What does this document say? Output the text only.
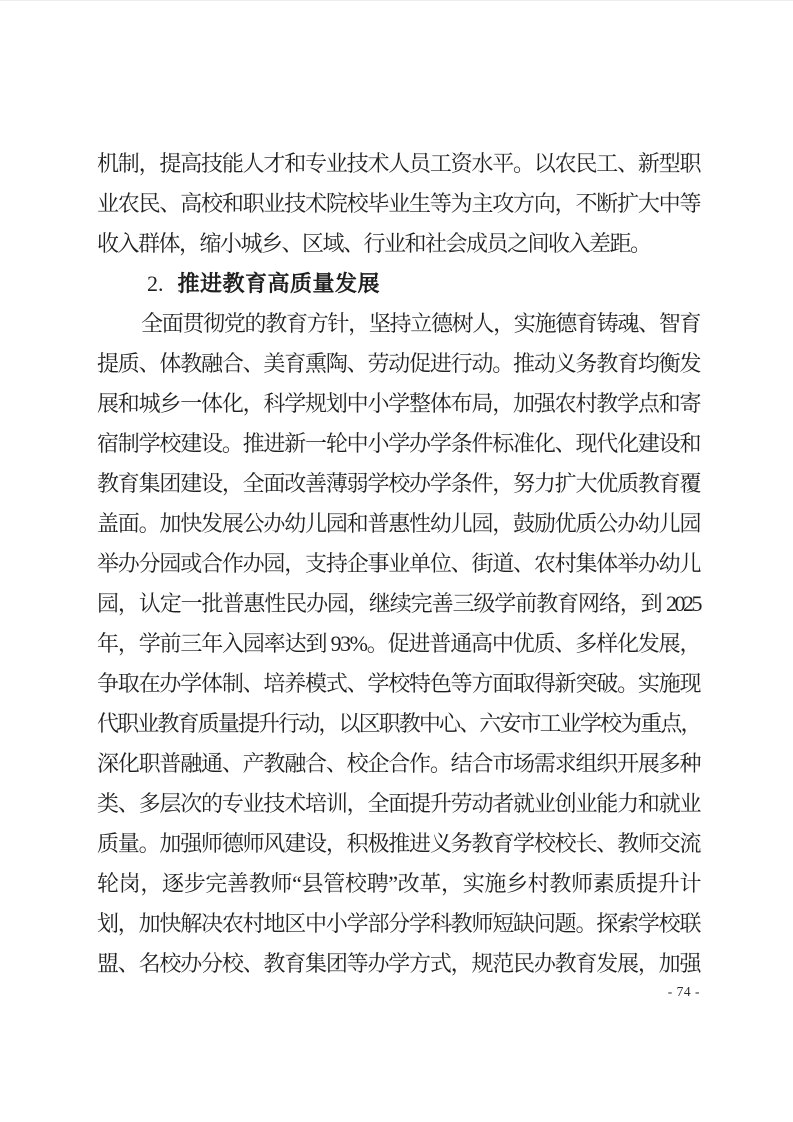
机制，提高技能人才和专业技术人员工资水平。以农民工、新型职
业农民、高校和职业技术院校毕业生等为主攻方向，不断扩大中等
收入群体，缩小城乡、区域、行业和社会成员之间收入差距。
2. 推进教育高质量发展
全面贯彻党的教育方针，坚持立德树人，实施德育铸魂、智育
提质、体教融合、美育熏陶、劳动促进行动。推动义务教育均衡发
展和城乡一体化，科学规划中小学整体布局，加强农村教学点和寄
宿制学校建设。推进新一轮中小学办学条件标准化、现代化建设和
教育集团建设，全面改善薄弱学校办学条件，努力扩大优质教育覆
盖面。加快发展公办幼儿园和普惠性幼儿园，鼓励优质公办幼儿园
举办分园或合作办园，支持企事业单位、街道、农村集体举办幼儿
园，认定一批普惠性民办园，继续完善三级学前教育网络，到 2025
年，学前三年入园率达到 93%。促进普通高中优质、多样化发展，
争取在办学体制、培养模式、学校特色等方面取得新突破。实施现
代职业教育质量提升行动，以区职教中心、六安市工业学校为重点，
深化职普融通、产教融合、校企合作。结合市场需求组织开展多种
类、多层次的专业技术培训，全面提升劳动者就业创业能力和就业
质量。加强师德师风建设，积极推进义务教育学校校长、教师交流
轮岗，逐步完善教师“县管校聘”改革，实施乡村教师素质提升计
划，加快解决农村地区中小学部分学科教师短缺问题。探索学校联
盟、名校办分校、教育集团等办学方式，规范民办教育发展，加强
- 74 -
